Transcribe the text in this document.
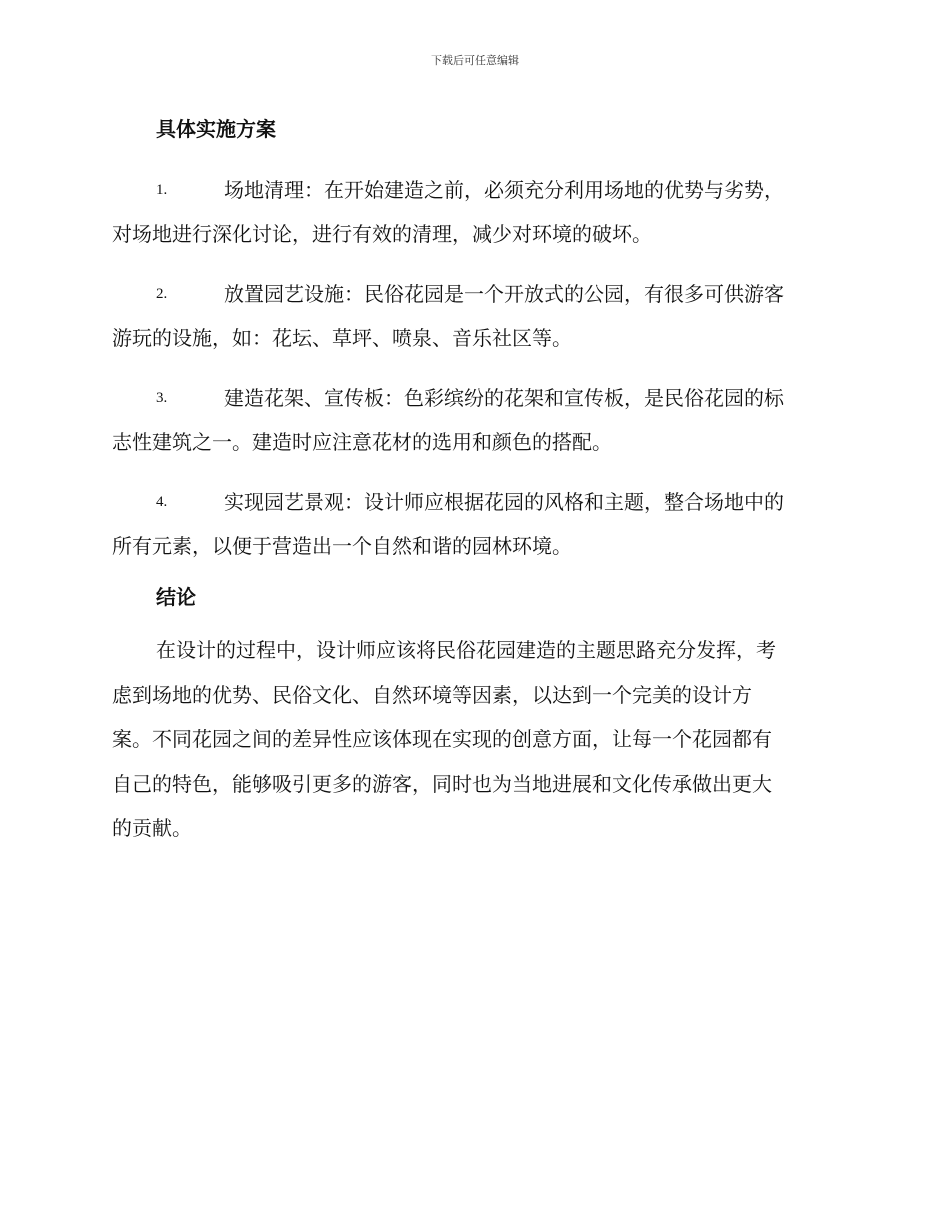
下载后可任意编辑
具体实施方案
1.	场地清理：在开始建造之前，必须充分利用场地的优势与劣势，
对场地进行深化讨论，进行有效的清理，减少对环境的破坏。
2.	放置园艺设施：民俗花园是一个开放式的公园，有很多可供游客
游玩的设施，如：花坛、草坪、喷泉、音乐社区等。
3.	建造花架、宣传板：色彩缤纷的花架和宣传板，是民俗花园的标
志性建筑之一。建造时应注意花材的选用和颜色的搭配。
4.	实现园艺景观：设计师应根据花园的风格和主题，整合场地中的
所有元素，以便于营造出一个自然和谐的园林环境。
结论

在设计的过程中，设计师应该将民俗花园建造的主题思路充分发挥，考

虑到场地的优势、民俗文化、自然环境等因素，以达到一个完美的设计方

案。不同花园之间的差异性应该体现在实现的创意方面，让每一个花园都有

自己的特色，能够吸引更多的游客，同时也为当地进展和文化传承做出更大

的贡献。
